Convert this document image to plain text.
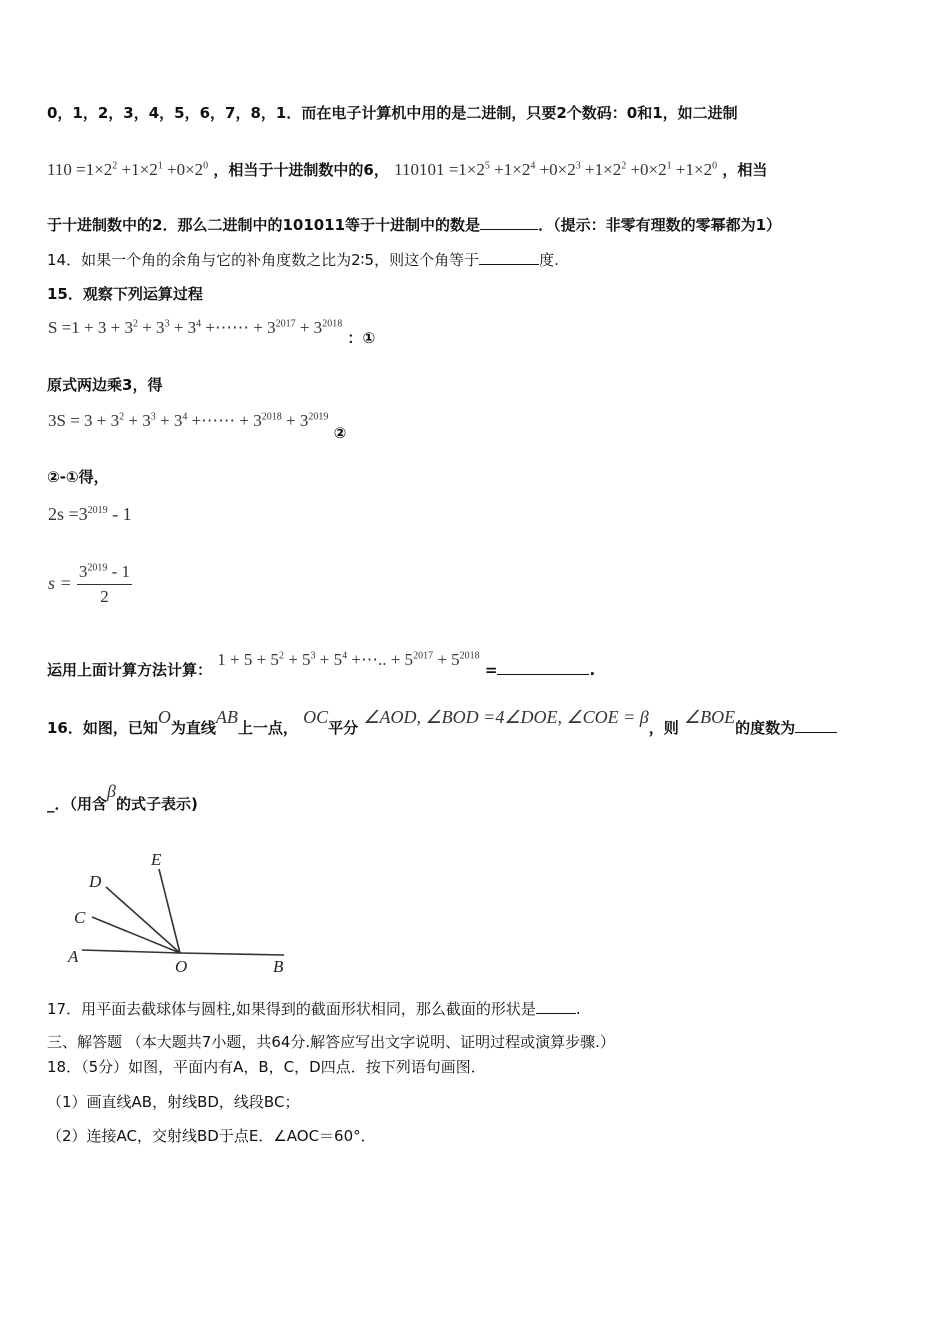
0，1，2，3，4，5，6，7，8，1．而在电子计算机中用的是二进制，只要2个数码：0和1，如二进制
$110 =1\times 2^2 +1\times 2^1 +0\times 2^0$ ，相当于十进制数中的6， $110101 =1\times 2^5 +1\times 2^4 +0\times 2^3 +1\times 2^2 +0\times 2^1 +1\times 2^0$ ，相当
于十进制数中的2．那么二进制中的101011等于十进制中的数是	．（提示：非零有理数的零幂都为1）
14．如果一个角的余角与它的补角度数之比为2∶5，则这个角等于	度.
15．观察下列运算过程
$S =1 + 3 + 3^2 + 3^3 + 3^4$ +⋯⋯ + $3^{2017} + 3^{2018}$ ：①
原式两边乘3，得
$3S = 3 + 3^2 + 3^3 + 3^4$ +⋯⋯ + $3^{2018} + 3^{2019}$ ②
②-①得，
$2s =3^{2019} - 1$
$s = \frac{3^{2019} - 1}{2}$
运用上面计算方法计算： $1 + 5 + 5^2 + 5^3 + 5^4$ +⋯.. + $5^{2017} + 5^{2018}$ =	.
16．如图，已知O为直线AB上一点， OC平分 ∠AOD, ∠BOD =4∠DOE, ∠COE = β，则 ∠BOE的度数为
_．（用含β的式子表示)
E
D
C
A
O	B
17．用平面去截球体与圆柱,如果得到的截面形状相同，那么截面的形状是	.
三、解答题 （本大题共7小题，共64分.解答应写出文字说明、证明过程或演算步骤.）
18．（5分）如图，平面内有A，B，C，D四点．按下列语句画图．
（1）画直线AB，射线BD，线段BC；
（2）连接AC，交射线BD于点E．∠AOC＝60°．
